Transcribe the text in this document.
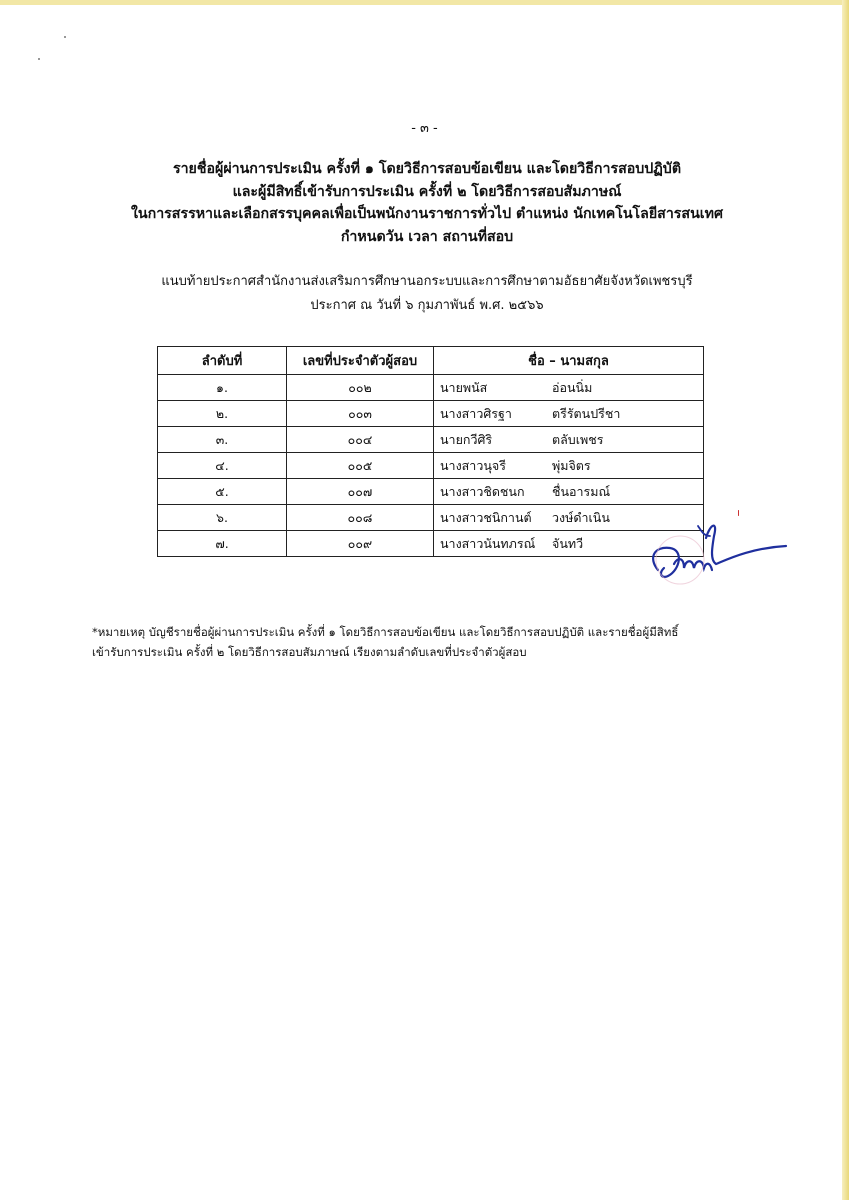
- ๓ -
รายชื่อผู้ผ่านการประเมิน ครั้งที่ ๑ โดยวิธีการสอบข้อเขียน และโดยวิธีการสอบปฏิบัติ
และผู้มีสิทธิ์เข้ารับการประเมิน ครั้งที่ ๒ โดยวิธีการสอบสัมภาษณ์
ในการสรรหาและเลือกสรรบุคคลเพื่อเป็นพนักงานราชการทั่วไป ตำแหน่ง นักเทคโนโลยีสารสนเทศ
กำหนดวัน เวลา สถานที่สอบ
แนบท้ายประกาศสำนักงานส่งเสริมการศึกษานอกระบบและการศึกษาตามอัธยาศัยจังหวัดเพชรบุรี
ประกาศ ณ วันที่ ๖ กุมภาพันธ์ พ.ศ. ๒๕๖๖
ลำดับที่	เลขที่ประจำตัวผู้สอบ	ชื่อ – นามสกุล
๑.	๐๐๒	นายพนัส อ่อนนิ่ม
๒.	๐๐๓	นางสาวศิรฐา ตรีรัตนปรีชา
๓.	๐๐๔	นายกวีศิริ ตลับเพชร
๔.	๐๐๕	นางสาวนุจรี พุ่มจิตร
๕.	๐๐๗	นางสาวชิดชนก ชื่นอารมณ์
๖.	๐๐๘	นางสาวชนิกานต์ วงษ์ดำเนิน
๗.	๐๐๙	นางสาวนันทภรณ์ จันทวี
*หมายเหตุ บัญชีรายชื่อผู้ผ่านการประเมิน ครั้งที่ ๑ โดยวิธีการสอบข้อเขียน และโดยวิธีการสอบปฏิบัติ และรายชื่อผู้มีสิทธิ์
เข้ารับการประเมิน ครั้งที่ ๒ โดยวิธีการสอบสัมภาษณ์ เรียงตามลำดับเลขที่ประจำตัวผู้สอบ
